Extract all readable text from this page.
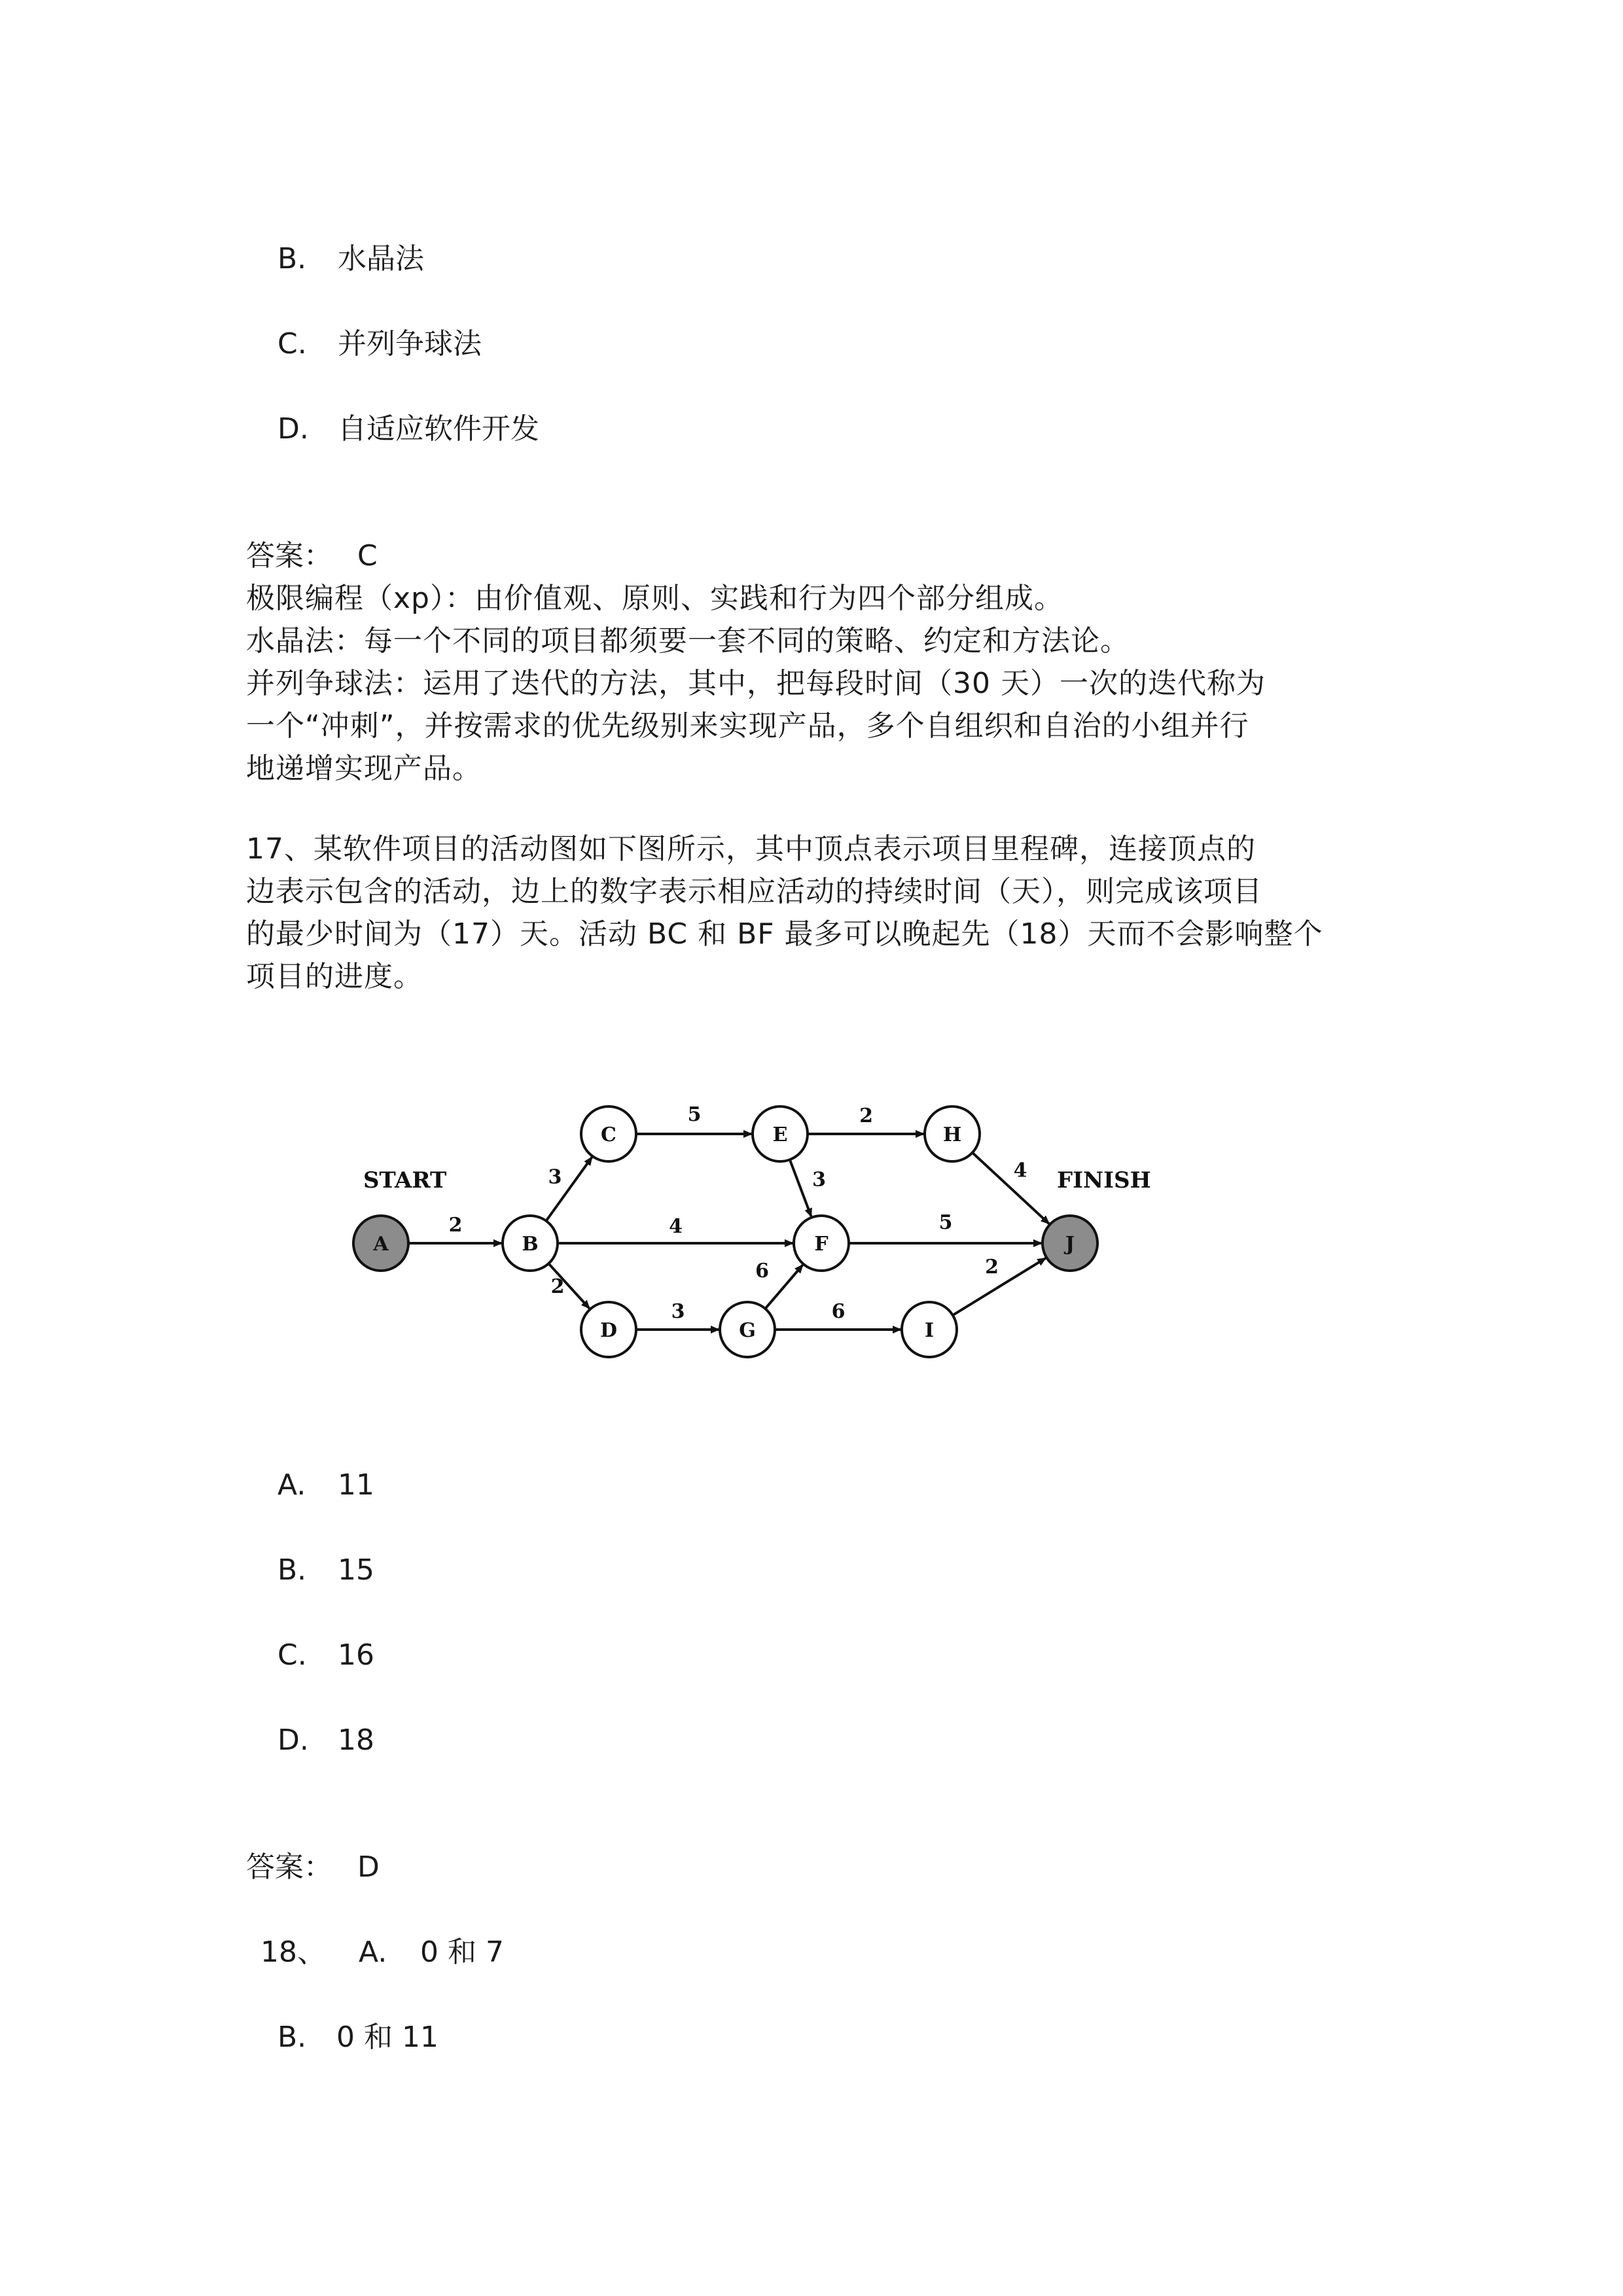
B. 水晶法
C. 并列争球法
D. 自适应软件开发
答案： C
极限编程（xp）：由价值观、原则、实践和行为四个部分组成。
水晶法：每一个不同的项目都须要一套不同的策略、约定和方法论。
并列争球法：运用了迭代的方法，其中，把每段时间（30 天）一次的迭代称为
一个“冲刺”，并按需求的优先级别来实现产品，多个自组织和自治的小组并行
地递增实现产品。
17、某软件项目的活动图如下图所示，其中顶点表示项目里程碑，连接顶点的
边表示包含的活动，边上的数字表示相应活动的持续时间（天），则完成该项目
的最少时间为（17）天。活动 BC 和 BF 最多可以晚起先（18）天而不会影响整个
项目的进度。
2
3
4
2
5	2
3	4
5
3
6
6
2
A	B
C
D
E
F
G
H
I
J
START	FINISH
A. 11
B. 15
C. 16
D. 18
答案： D
18、 A. 0 和 7
B. 0 和 11
